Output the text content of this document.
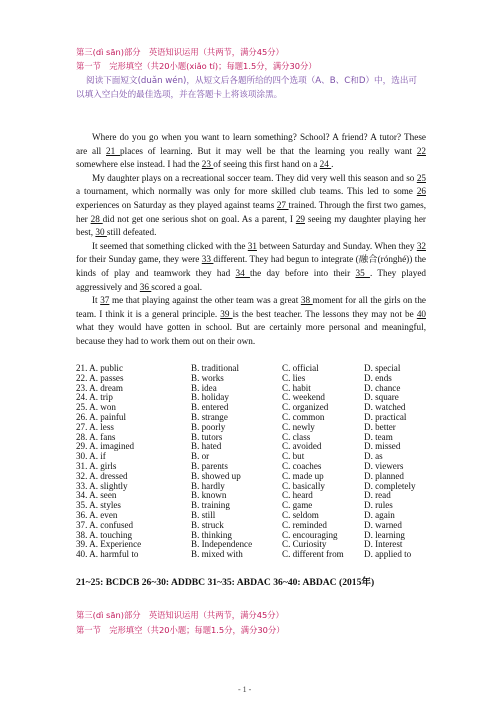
第三(dì sān)部分　英语知识运用（共两节，满分45分）
第一节　完形填空（共20小题(xiǎo tí)；每题1.5分，满分30分）

阅读下面短文(duǎn wén)，从短文后各题所给的四个选项（A、B、C和D）中，选出可以填入空白处的最佳选项，并在答题卡上将该项涂黑。

Where do you go when you want to learn something? School? A friend? A tutor? These are all 21 places of learning. But it may well be that the learning you really want 22 somewhere else instead. I had the 23 of seeing this first hand on a 24 .

My daughter plays on a recreational soccer team. They did very well this season and so 25 a tournament, which normally was only for more skilled club teams. This led to some 26 experiences on Saturday as they played against teams 27 trained. Through the first two games, her 28 did not get one serious shot on goal. As a parent, I 29 seeing my daughter playing her best, 30 still defeated.

It seemed that something clicked with the 31 between Saturday and Sunday. When they 32 for their Sunday game, they were 33 different. They had begun to integrate (融合(rónghé)) the kinds of play and teamwork they had 34 the day before into their 35 . They played aggressively and 36 scored a goal.

It 37 me that playing against the other team was a great 38 moment for all the girls on the team. I think it is a general principle. 39 is the best teacher. The lessons they may not be 40 what they would have gotten in school. But are certainly more personal and meaningful, because they had to work them out on their own.

21. A. public	B. traditional	C. official	D. special
22. A. passes	B. works	C. lies	D. ends
23. A. dream	B. idea	C. habit	D. chance
24. A. trip	B. holiday	C. weekend	D. square
25. A. won	B. entered	C. organized	D. watched
26. A. painful	B. strange	C. common	D. practical
27. A. less	B. poorly	C. newly	D. better
28. A. fans	B. tutors	C. class	D. team
29. A. imagined	B. hated	C. avoided	D. missed
30. A. if	B. or	C. but	D. as
31. A. girls	B. parents	C. coaches	D. viewers
32. A. dressed	B. showed up	C. made up	D. planned
33. A. slightly	B. hardly	C. basically	D. completely
34. A. seen	B. known	C. heard	D. read
35. A. styles	B. training	C. game	D. rules
36. A. even	B. still	C. seldom	D. again
37. A. confused	B. struck	C. reminded	D. warned
38. A. touching	B. thinking	C. encouraging	D. learning
39. A. Experience	B. Independence	C. Curiosity	D. Interest
40. A. harmful to	B. mixed with	C. different from	D. applied to
21~25: BCDCB 26~30: ADDBC 31~35: ABDAC 36~40: ABDAC (2015年)
第三(dì sān)部分　英语知识运用（共两节，满分45分）
第一节　完形填空（共20小题；每题1.5分，满分30分）
- 1 -
